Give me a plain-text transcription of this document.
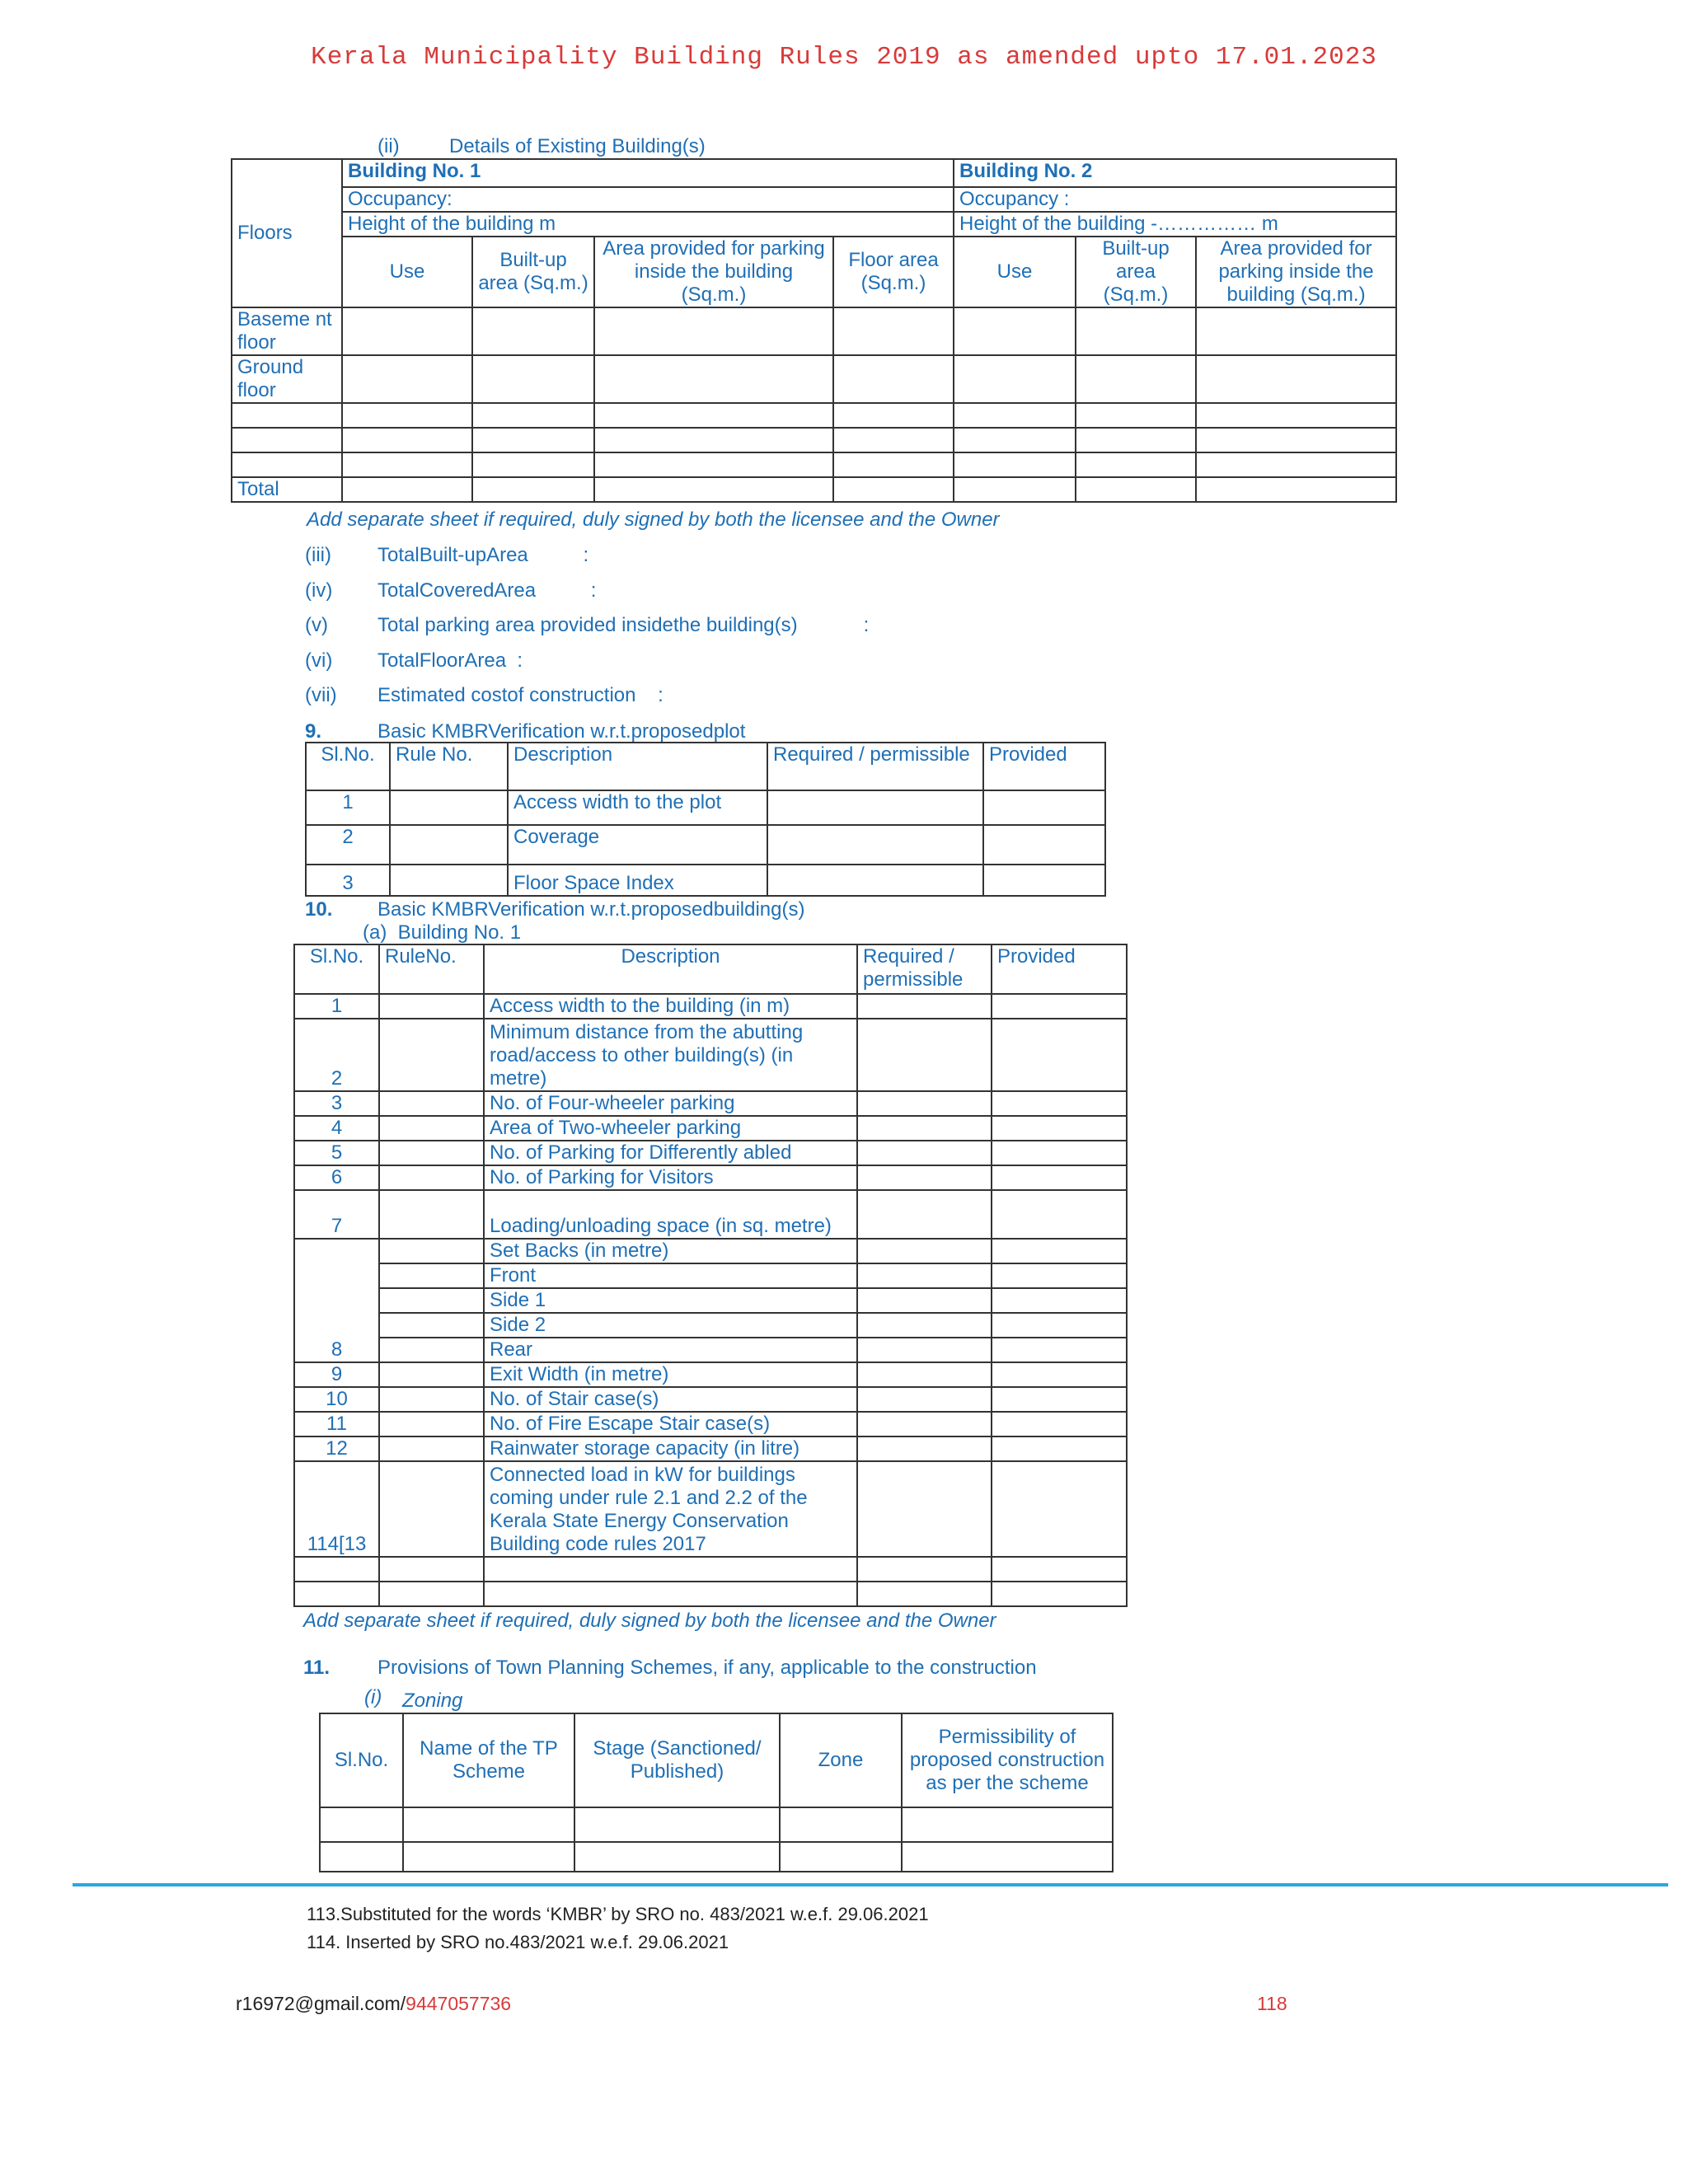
Kerala Municipality Building Rules 2019 as amended upto 17.01.2023
(ii)	Details of Existing Building(s)
Floors	Building No. 1				Building No. 2		
	Occupancy:				Occupancy :		
	Height of the building m				Height of the building -…………… m		
	Use	Built-up area (Sq.m.)	Area provided for parking inside the building (Sq.m.)	Floor area (Sq.m.)	Use	Built-up area (Sq.m.)	Area provided for parking inside the building (Sq.m.)
Baseme nt floor							
Ground floor							

Total							
Add separate sheet if required, duly signed by both the licensee and the Owner
(iii) TotalBuilt-upArea          :
(iv) TotalCoveredArea          :
(v)	Total parking area provided insidethe building(s)            :
(vi) TotalFloorArea  :
(vii) Estimated costof construction    :
9.	Basic KMBRVerification w.r.t.proposedplot
Sl.No.	Rule No.	Description	Required / permissible	Provided
1		Access width to the plot		
2		Coverage		
3		Floor Space Index		
10. Basic KMBRVerification w.r.t.proposedbuilding(s)
(a)  Building No. 1
Sl.No.	RuleNo.	Description	Required / permissible	Provided
1		Access width to the building (in m)		
2		Minimum distance from the abutting road/access to other building(s) (in metre)		
3		No. of Four-wheeler parking		
4		Area of Two-wheeler parking		
5		No. of Parking for Differently abled		
6		No. of Parking for Visitors		
7		Loading/unloading space (in sq. metre)		
8		Set Backs (in metre)		
		Front		
		Side 1		
		Side 2		
		Rear		
9		Exit Width (in metre)		
10		No. of Stair case(s)		
11		No. of Fire Escape Stair case(s)		
12		Rainwater storage capacity (in litre)		
114[13		Connected load in kW for buildings coming under rule 2.1 and 2.2 of the Kerala State Energy Conservation Building code rules 2017		

Add separate sheet if required, duly signed by both the licensee and the Owner
11. Provisions of Town Planning Schemes, if any, applicable to the construction
(i) Zoning
Sl.No.	Name of the TP Scheme	Stage (Sanctioned/ Published)	Zone	Permissibility of proposed construction as per the scheme

113.Substituted for the words ‘KMBR’ by SRO no. 483/2021 w.e.f. 29.06.2021
114. Inserted by SRO no.483/2021 w.e.f. 29.06.2021
r16972@gmail.com/9447057736	118
